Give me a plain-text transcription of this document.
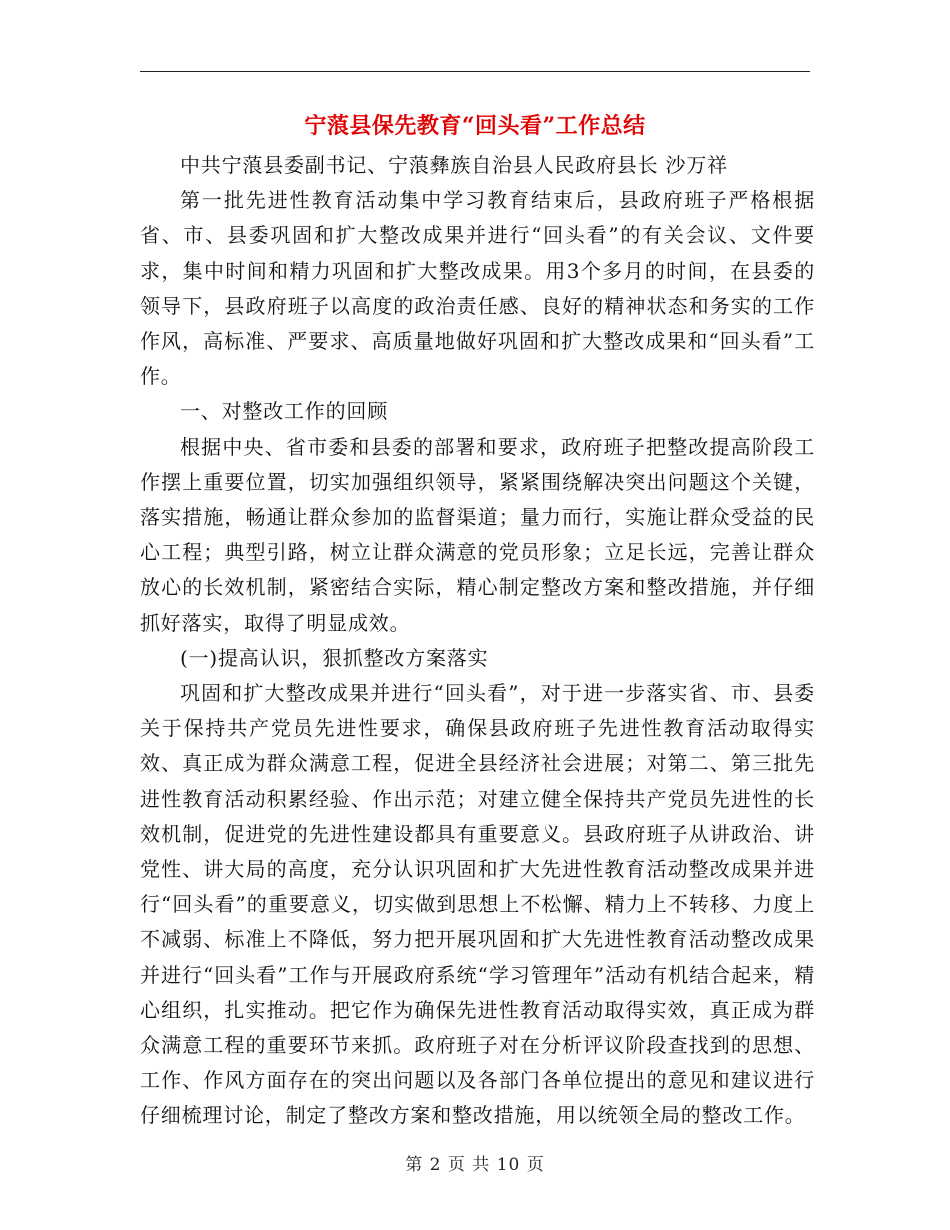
宁蒗县保先教育“回头看”工作总结

中共宁蒗县委副书记、宁蒗彝族自治县人民政府县长 沙万祥

第一批先进性教育活动集中学习教育结束后，县政府班子严格根据省、市、县委巩固和扩大整改成果并进行“回头看”的有关会议、文件要求，集中时间和精力巩固和扩大整改成果。用3个多月的时间，在县委的领导下，县政府班子以高度的政治责任感、良好的精神状态和务实的工作作风，高标准、严要求、高质量地做好巩固和扩大整改成果和“回头看”工作。

一、对整改工作的回顾

根据中央、省市委和县委的部署和要求，政府班子把整改提高阶段工作摆上重要位置，切实加强组织领导，紧紧围绕解决突出问题这个关键，落实措施，畅通让群众参加的监督渠道；量力而行，实施让群众受益的民心工程；典型引路，树立让群众满意的党员形象；立足长远，完善让群众放心的长效机制，紧密结合实际，精心制定整改方案和整改措施，并仔细抓好落实，取得了明显成效。

(一)提高认识，狠抓整改方案落实

巩固和扩大整改成果并进行“回头看”，对于进一步落实省、市、县委关于保持共产党员先进性要求，确保县政府班子先进性教育活动取得实效、真正成为群众满意工程，促进全县经济社会进展；对第二、第三批先进性教育活动积累经验、作出示范；对建立健全保持共产党员先进性的长效机制，促进党的先进性建设都具有重要意义。县政府班子从讲政治、讲党性、讲大局的高度，充分认识巩固和扩大先进性教育活动整改成果并进行“回头看”的重要意义，切实做到思想上不松懈、精力上不转移、力度上不减弱、标准上不降低，努力把开展巩固和扩大先进性教育活动整改成果并进行“回头看”工作与开展政府系统“学习管理年”活动有机结合起来，精心组织，扎实推动。把它作为确保先进性教育活动取得实效，真正成为群众满意工程的重要环节来抓。政府班子对在分析评议阶段查找到的思想、工作、作风方面存在的突出问题以及各部门各单位提出的意见和建议进行仔细梳理讨论，制定了整改方案和整改措施，用以统领全局的整改工作。

第 2 页 共 10 页
